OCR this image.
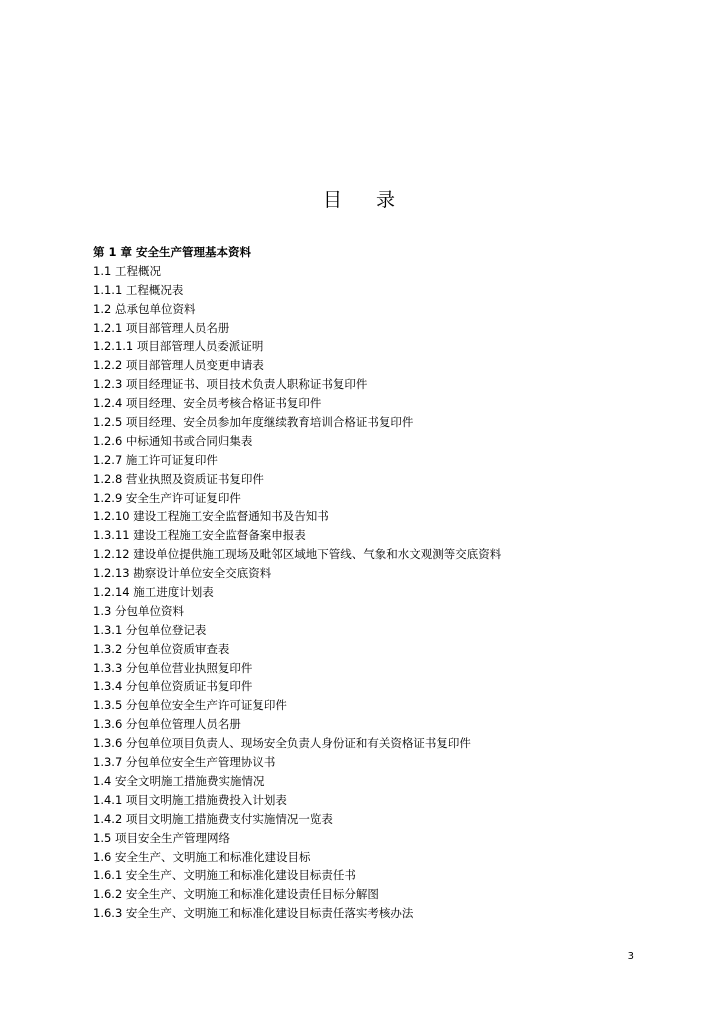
目 录
第 1 章 安全生产管理基本资料
1.1 工程概况
1.1.1 工程概况表
1.2 总承包单位资料
1.2.1 项目部管理人员名册
1.2.1.1 项目部管理人员委派证明
1.2.2 项目部管理人员变更申请表
1.2.3 项目经理证书、项目技术负责人职称证书复印件
1.2.4 项目经理、安全员考核合格证书复印件
1.2.5 项目经理、安全员参加年度继续教育培训合格证书复印件
1.2.6 中标通知书或合同归集表
1.2.7 施工许可证复印件
1.2.8 营业执照及资质证书复印件
1.2.9 安全生产许可证复印件
1.2.10 建设工程施工安全监督通知书及告知书
1.3.11 建设工程施工安全监督备案申报表
1.2.12 建设单位提供施工现场及毗邻区域地下管线、气象和水文观测等交底资料
1.2.13 勘察设计单位安全交底资料
1.2.14 施工进度计划表
1.3 分包单位资料
1.3.1 分包单位登记表
1.3.2 分包单位资质审查表
1.3.3 分包单位营业执照复印件
1.3.4 分包单位资质证书复印件
1.3.5 分包单位安全生产许可证复印件
1.3.6 分包单位管理人员名册
1.3.6 分包单位项目负责人、现场安全负责人身份证和有关资格证书复印件
1.3.7 分包单位安全生产管理协议书
1.4 安全文明施工措施费实施情况
1.4.1 项目文明施工措施费投入计划表
1.4.2 项目文明施工措施费支付实施情况一览表
1.5 项目安全生产管理网络
1.6 安全生产、文明施工和标准化建设目标
1.6.1 安全生产、文明施工和标准化建设目标责任书
1.6.2 安全生产、文明施工和标准化建设责任目标分解图
1.6.3 安全生产、文明施工和标准化建设目标责任落实考核办法
3
